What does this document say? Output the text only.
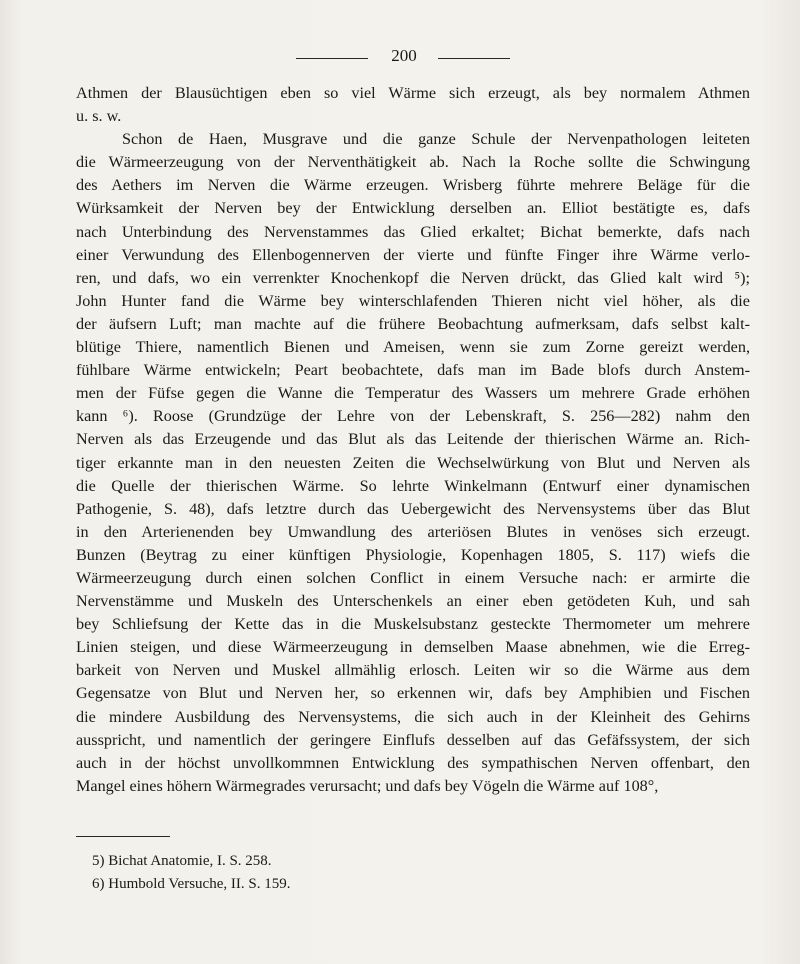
200
Athmen der Blausüchtigen eben so viel Wärme sich erzeugt, als bey normalem Athmen
u. s. w.
Schon de Haen, Musgrave und die ganze Schule der Nervenpathologen leiteten
die Wärmeerzeugung von der Nerventhätigkeit ab. Nach la Roche sollte die Schwingung
des Aethers im Nerven die Wärme erzeugen. Wrisberg führte mehrere Beläge für die
Würksamkeit der Nerven bey der Entwicklung derselben an. Elliot bestätigte es, dafs
nach Unterbindung des Nervenstammes das Glied erkaltet; Bichat bemerkte, dafs nach
einer Verwundung des Ellenbogennerven der vierte und fünfte Finger ihre Wärme verlo-
ren, und dafs, wo ein verrenkter Knochenkopf die Nerven drückt, das Glied kalt wird ⁵);
John Hunter fand die Wärme bey winterschlafenden Thieren nicht viel höher, als die
der äufsern Luft; man machte auf die frühere Beobachtung aufmerksam, dafs selbst kalt-
blütige Thiere, namentlich Bienen und Ameisen, wenn sie zum Zorne gereizt werden,
fühlbare Wärme entwickeln; Peart beobachtete, dafs man im Bade blofs durch Anstem-
men der Füfse gegen die Wanne die Temperatur des Wassers um mehrere Grade erhöhen
kann ⁶). Roose (Grundzüge der Lehre von der Lebenskraft, S. 256—282) nahm den
Nerven als das Erzeugende und das Blut als das Leitende der thierischen Wärme an. Rich-
tiger erkannte man in den neuesten Zeiten die Wechselwürkung von Blut und Nerven als
die Quelle der thierischen Wärme. So lehrte Winkelmann (Entwurf einer dynamischen
Pathogenie, S. 48), dafs letztre durch das Uebergewicht des Nervensystems über das Blut
in den Arterienenden bey Umwandlung des arteriösen Blutes in venöses sich erzeugt.
Bunzen (Beytrag zu einer künftigen Physiologie, Kopenhagen 1805, S. 117) wiefs die
Wärmeerzeugung durch einen solchen Conflict in einem Versuche nach: er armirte die
Nervenstämme und Muskeln des Unterschenkels an einer eben getödeten Kuh, und sah
bey Schliefsung der Kette das in die Muskelsubstanz gesteckte Thermometer um mehrere
Linien steigen, und diese Wärmeerzeugung in demselben Maase abnehmen, wie die Erreg-
barkeit von Nerven und Muskel allmählig erlosch. Leiten wir so die Wärme aus dem
Gegensatze von Blut und Nerven her, so erkennen wir, dafs bey Amphibien und Fischen
die mindere Ausbildung des Nervensystems, die sich auch in der Kleinheit des Gehirns
ausspricht, und namentlich der geringere Einflufs desselben auf das Gefäfssystem, der sich
auch in der höchst unvollkommnen Entwicklung des sympathischen Nerven offenbart, den
Mangel eines höhern Wärmegrades verursacht; und dafs bey Vögeln die Wärme auf 108°,
5) Bichat Anatomie, I. S. 258.
6) Humbold Versuche, II. S. 159.
